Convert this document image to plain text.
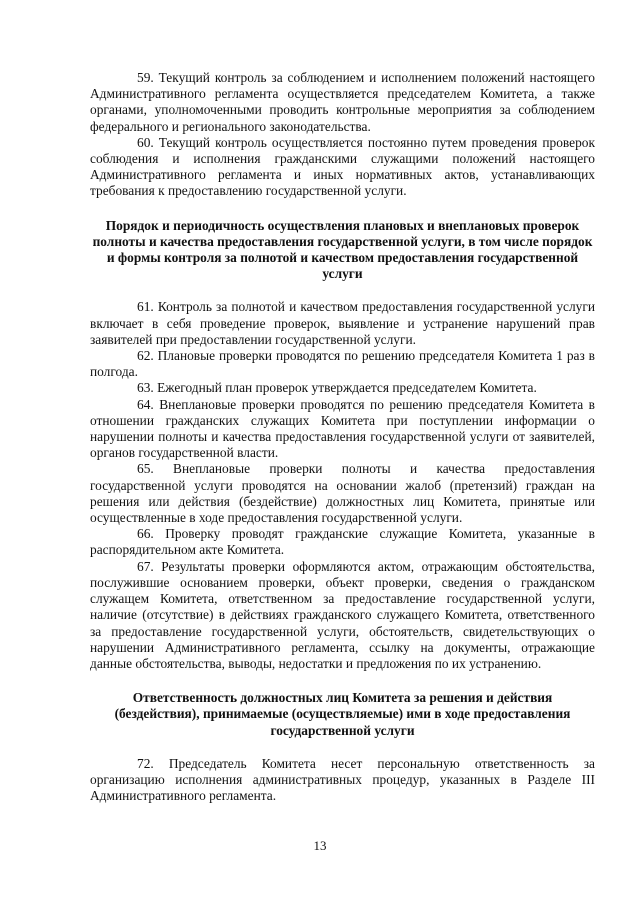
59. Текущий контроль за соблюдением и исполнением положений настоящего Административного регламента осуществляется председателем Комитета, а также органами, уполномоченными проводить контрольные мероприятия за соблюдением федерального и регионального законодательства.

60. Текущий контроль осуществляется постоянно путем проведения проверок соблюдения и исполнения гражданскими служащими положений настоящего Административного регламента и иных нормативных актов, устанавливающих требования к предоставлению государственной услуги.

Порядок и периодичность осуществления плановых и внеплановых проверок полноты и качества предоставления государственной услуги, в том числе порядок и формы контроля за полнотой и качеством предоставления государственной услуги

61. Контроль за полнотой и качеством предоставления государственной услуги включает в себя проведение проверок, выявление и устранение нарушений прав заявителей при предоставлении государственной услуги.

62. Плановые проверки проводятся по решению председателя Комитета 1 раз в полгода.

63. Ежегодный план проверок утверждается председателем Комитета.

64. Внеплановые проверки проводятся по решению председателя Комитета в отношении гражданских служащих Комитета при поступлении информации о нарушении полноты и качества предоставления государственной услуги от заявителей, органов государственной власти.

65. Внеплановые проверки полноты и качества предоставления государственной услуги проводятся на основании жалоб (претензий) граждан на решения или действия (бездействие) должностных лиц Комитета, принятые или осуществленные в ходе предоставления государственной услуги.

66. Проверку проводят гражданские служащие Комитета, указанные в распорядительном акте Комитета.

67. Результаты проверки оформляются актом, отражающим обстоятельства, послужившие основанием проверки, объект проверки, сведения о гражданском служащем Комитета, ответственном за предоставление государственной услуги, наличие (отсутствие) в действиях гражданского служащего Комитета, ответственного за предоставление государственной услуги, обстоятельств, свидетельствующих о нарушении Административного регламента, ссылку на документы, отражающие данные обстоятельства, выводы, недостатки и предложения по их устранению.

Ответственность должностных лиц Комитета за решения и действия (бездействия), принимаемые (осуществляемые) ими в ходе предоставления государственной услуги

72. Председатель Комитета несет персональную ответственность за организацию исполнения административных процедур, указанных в Разделе III Административного регламента.

13
